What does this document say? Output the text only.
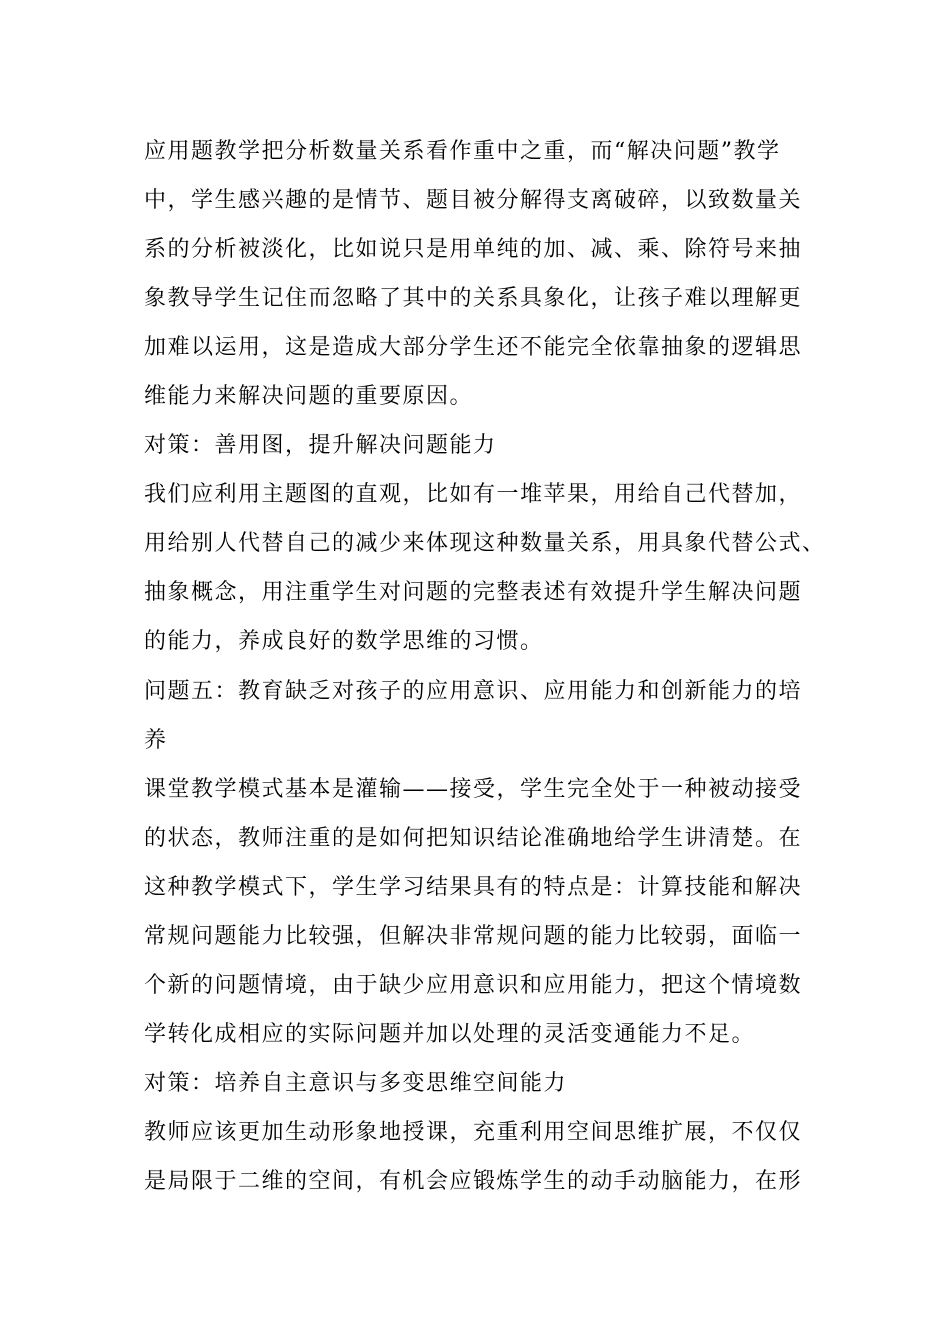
应用题教学把分析数量关系看作重中之重，而“解决问题”教学
中，学生感兴趣的是情节、题目被分解得支离破碎，以致数量关
系的分析被淡化，比如说只是用单纯的加、减、乘、除符号来抽
象教导学生记住而忽略了其中的关系具象化，让孩子难以理解更
加难以运用，这是造成大部分学生还不能完全依靠抽象的逻辑思
维能力来解决问题的重要原因。
对策：善用图，提升解决问题能力
我们应利用主题图的直观，比如有一堆苹果，用给自己代替加，
用给别人代替自己的减少来体现这种数量关系，用具象代替公式、
抽象概念，用注重学生对问题的完整表述有效提升学生解决问题
的能力，养成良好的数学思维的习惯。
问题五：教育缺乏对孩子的应用意识、应用能力和创新能力的培
养
课堂教学模式基本是灌输——接受，学生完全处于一种被动接受
的状态，教师注重的是如何把知识结论准确地给学生讲清楚。在
这种教学模式下，学生学习结果具有的特点是：计算技能和解决
常规问题能力比较强，但解决非常规问题的能力比较弱，面临一
个新的问题情境，由于缺少应用意识和应用能力，把这个情境数
学转化成相应的实际问题并加以处理的灵活变通能力不足。
对策：培养自主意识与多变思维空间能力
教师应该更加生动形象地授课，充重利用空间思维扩展，不仅仅
是局限于二维的空间，有机会应锻炼学生的动手动脑能力，在形
